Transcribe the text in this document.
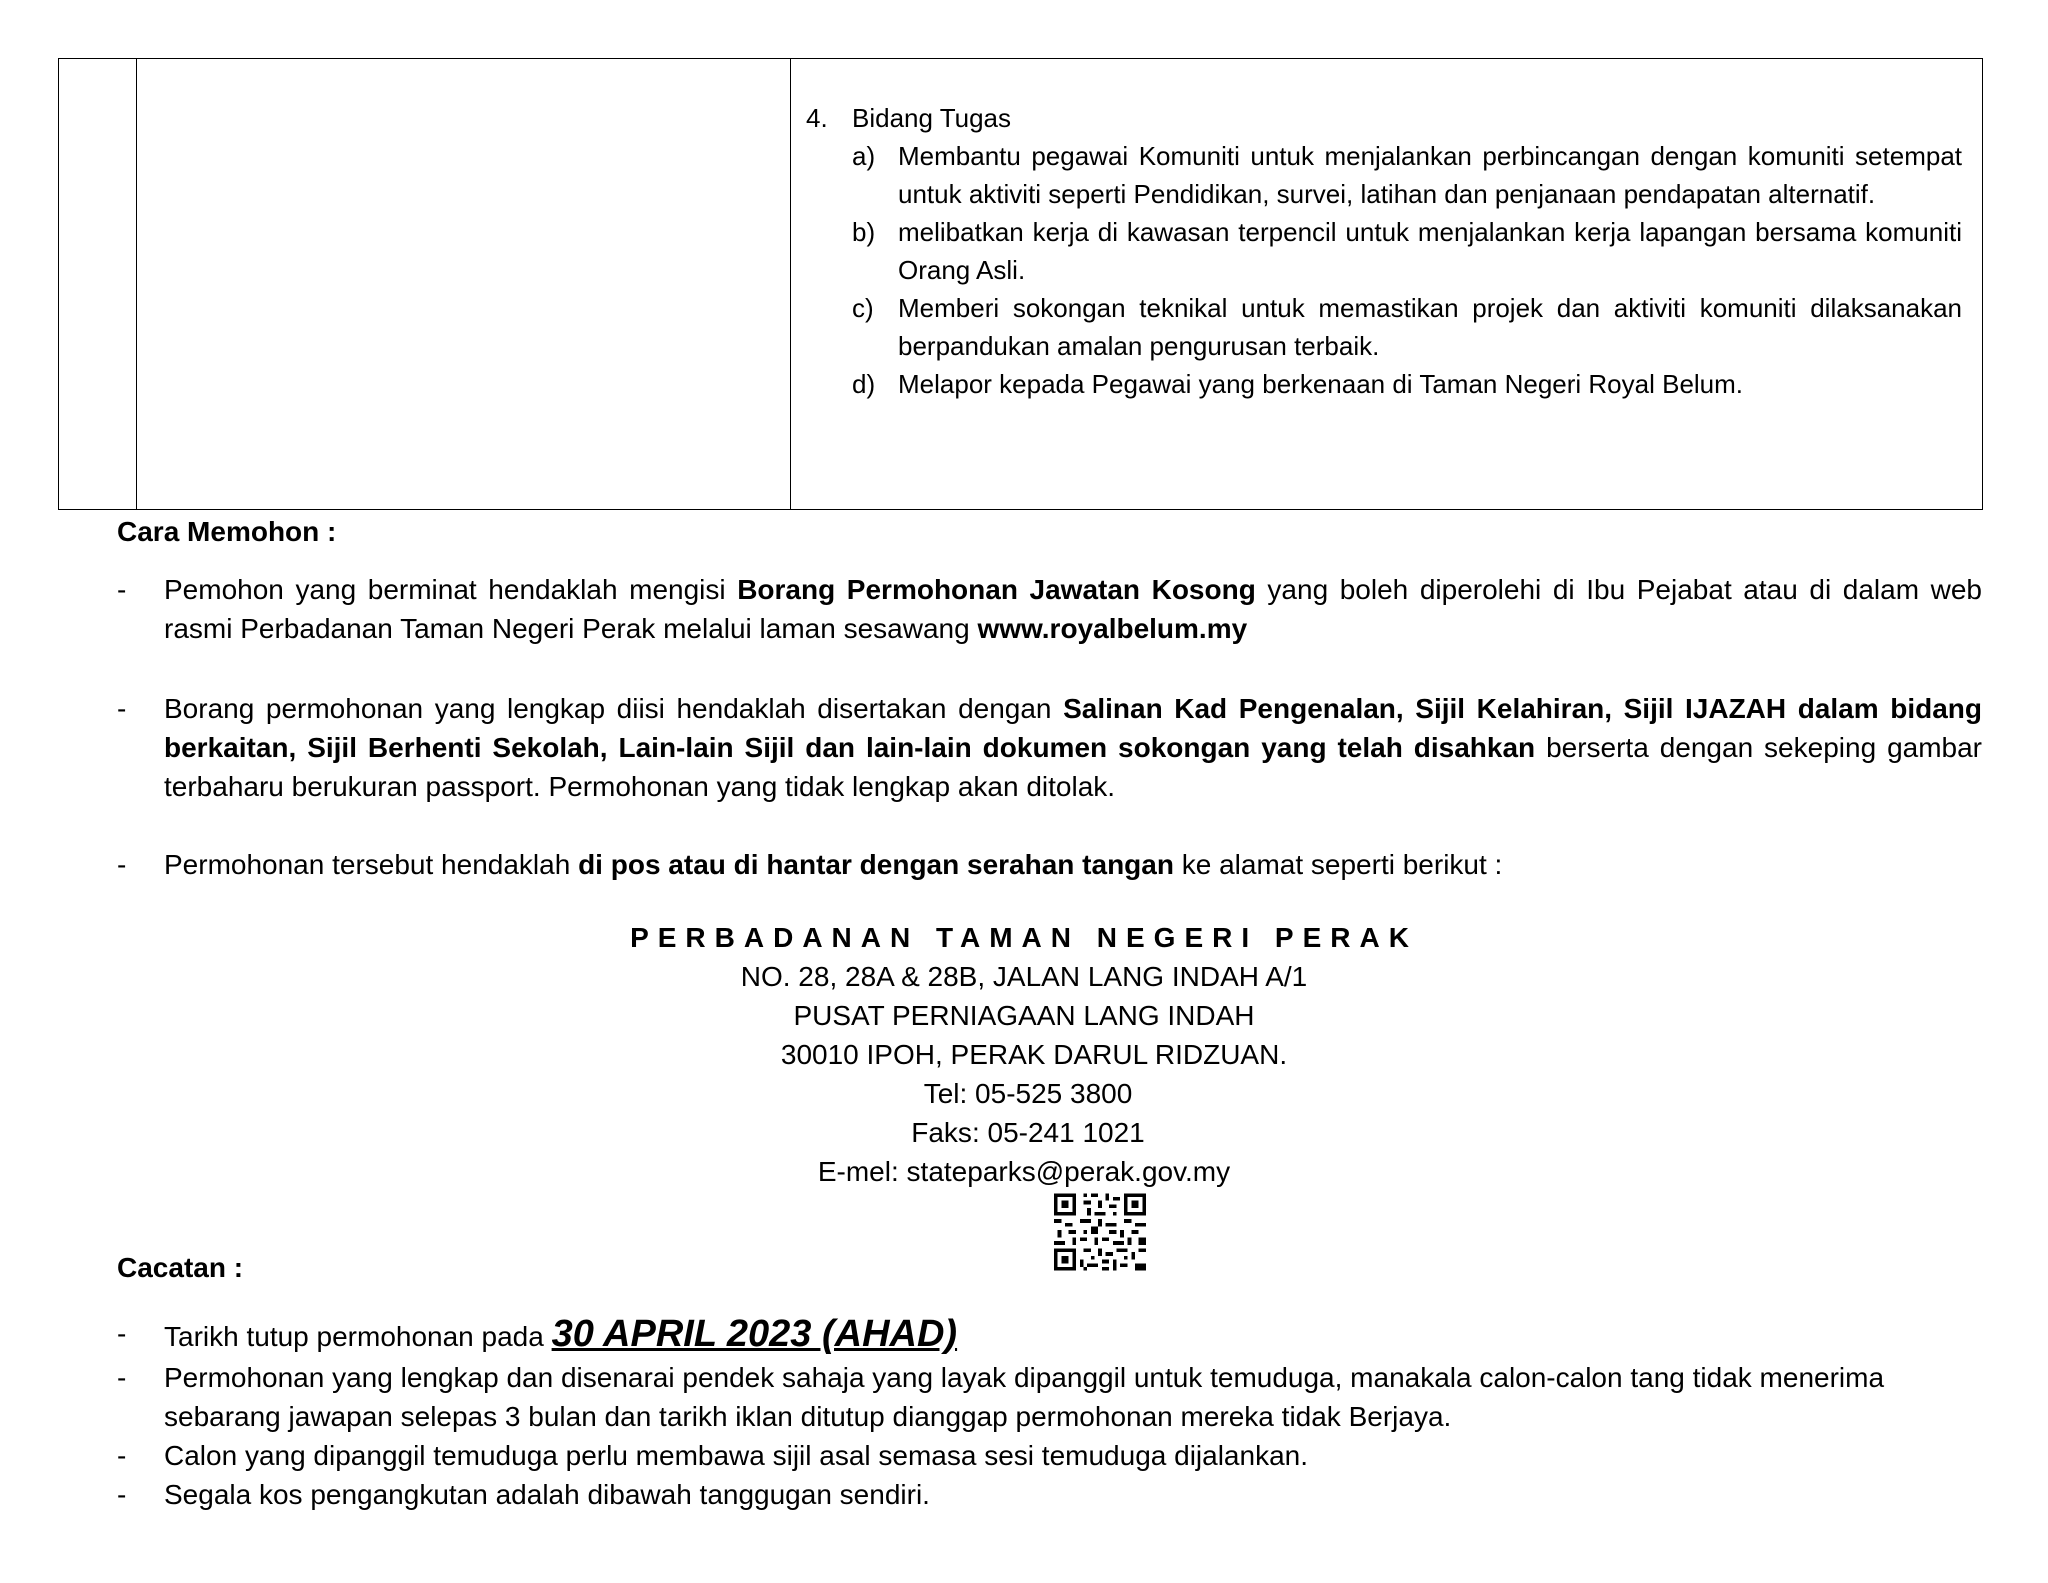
4. Bidang Tugas
a) Membantu pegawai Komuniti untuk menjalankan perbincangan dengan komuniti setempat untuk aktiviti seperti Pendidikan, survei, latihan dan penjanaan pendapatan alternatif.
b) melibatkan kerja di kawasan terpencil untuk menjalankan kerja lapangan bersama komuniti Orang Asli.
c) Memberi sokongan teknikal untuk memastikan projek dan aktiviti komuniti dilaksanakan berpandukan amalan pengurusan terbaik.
d) Melapor kepada Pegawai yang berkenaan di Taman Negeri Royal Belum.
Cara Memohon :
-	Pemohon yang berminat hendaklah mengisi Borang Permohonan Jawatan Kosong yang boleh diperolehi di Ibu Pejabat atau di dalam web rasmi Perbadanan Taman Negeri Perak melalui laman sesawang www.royalbelum.my
-	Borang permohonan yang lengkap diisi hendaklah disertakan dengan Salinan Kad Pengenalan, Sijil Kelahiran, Sijil IJAZAH dalam bidang berkaitan, Sijil Berhenti Sekolah, Lain-lain Sijil dan lain-lain dokumen sokongan yang telah disahkan berserta dengan sekeping gambar terbaharu berukuran passport. Permohonan yang tidak lengkap akan ditolak.
-	Permohonan tersebut hendaklah di pos atau di hantar dengan serahan tangan ke alamat seperti berikut :
PERBADANAN TAMAN NEGERI PERAK
NO. 28, 28A & 28B, JALAN LANG INDAH A/1
PUSAT PERNIAGAAN LANG INDAH
30010 IPOH, PERAK DARUL RIDZUAN.
Tel: 05-525 3800
Faks: 05-241 1021
E-mel: stateparks@perak.gov.my
Cacatan :
-	Tarikh tutup permohonan pada 30 APRIL 2023 (AHAD)
-	Permohonan yang lengkap dan disenarai pendek sahaja yang layak dipanggil untuk temuduga, manakala calon-calon tang tidak menerima sebarang jawapan selepas 3 bulan dan tarikh iklan ditutup dianggap permohonan mereka tidak Berjaya.
-	Calon yang dipanggil temuduga perlu membawa sijil asal semasa sesi temuduga dijalankan.
-	Segala kos pengangkutan adalah dibawah tanggugan sendiri.
